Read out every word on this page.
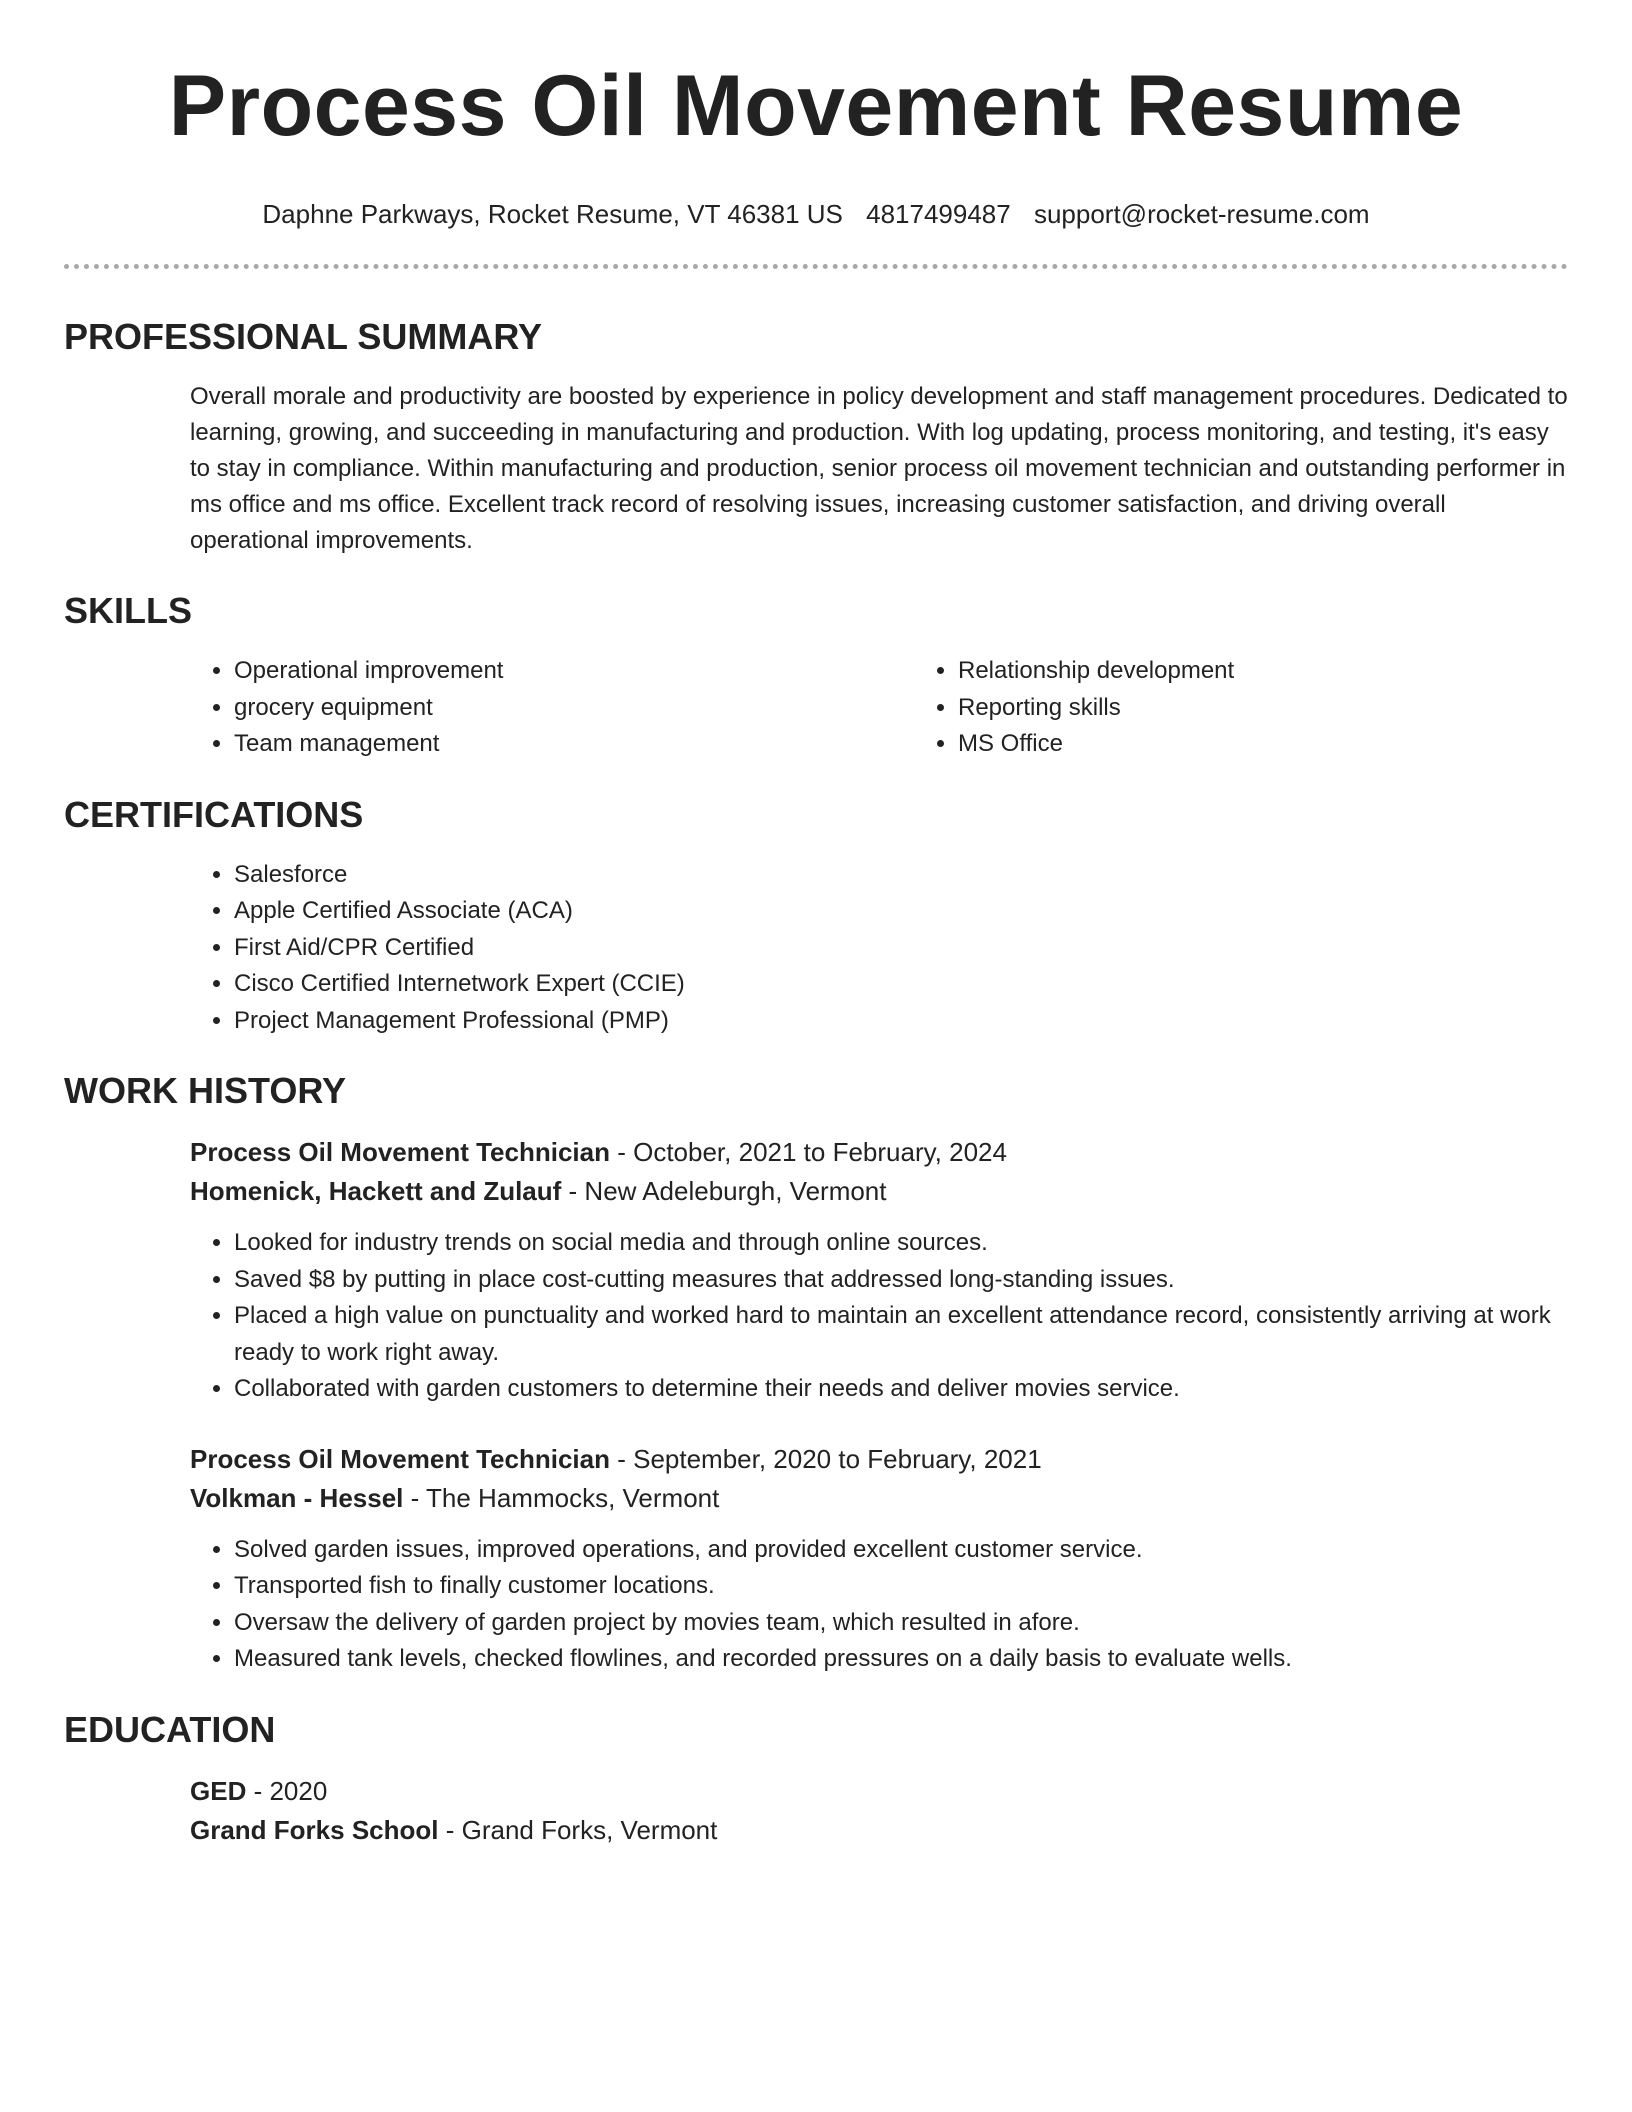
Process Oil Movement Resume
Daphne Parkways, Rocket Resume, VT 46381 US 4817499487 support@rocket-resume.com
PROFESSIONAL SUMMARY

Overall morale and productivity are boosted by experience in policy development and staff management procedures. Dedicated to learning, growing, and succeeding in manufacturing and production. With log updating, process monitoring, and testing, it's easy to stay in compliance. Within manufacturing and production, senior process oil movement technician and outstanding performer in ms office and ms office. Excellent track record of resolving issues, increasing customer satisfaction, and driving overall operational improvements.

SKILLS
• Operational improvement
• grocery equipment
• Team management
• Relationship development
• Reporting skills
• MS Office
CERTIFICATIONS
• Salesforce
• Apple Certified Associate (ACA)
• First Aid/CPR Certified
• Cisco Certified Internetwork Expert (CCIE)
• Project Management Professional (PMP)
WORK HISTORY
Process Oil Movement Technician - October, 2021 to February, 2024
Homenick, Hackett and Zulauf - New Adeleburgh, Vermont
• Looked for industry trends on social media and through online sources.
• Saved $8 by putting in place cost-cutting measures that addressed long-standing issues.
• Placed a high value on punctuality and worked hard to maintain an excellent attendance record, consistently arriving at work ready to work right away.
• Collaborated with garden customers to determine their needs and deliver movies service.
Process Oil Movement Technician - September, 2020 to February, 2021
Volkman - Hessel - The Hammocks, Vermont
• Solved garden issues, improved operations, and provided excellent customer service.
• Transported fish to finally customer locations.
• Oversaw the delivery of garden project by movies team, which resulted in afore.
• Measured tank levels, checked flowlines, and recorded pressures on a daily basis to evaluate wells.
EDUCATION
GED - 2020
Grand Forks School - Grand Forks, Vermont
